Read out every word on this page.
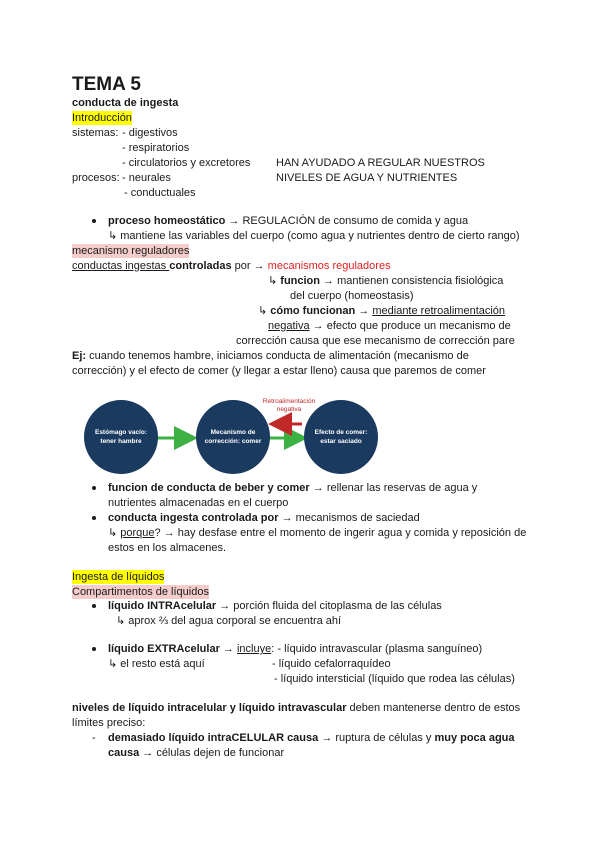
TEMA 5
conducta de ingesta
Introducción
sistemas: - digestivos
- respiratorios
- circulatorios y excretores
procesos: - neurales
- conductuales
HAN AYUDADO A REGULAR NUESTROS
NIVELES DE AGUA Y NUTRIENTES
proceso homeostático → REGULACIÓN de consumo de comida y agua
↳ mantiene las variables del cuerpo (como agua y nutrientes dentro de cierto rango)
mecanismo reguladores
conductas ingestas controladas por → mecanismos reguladores
↳ funcion → mantienen consistencia fisiológica
del cuerpo (homeostasis)
↳ cómo funcionan → mediante retroalimentación
negativa → efecto que produce un mecanismo de
corrección causa que ese mecanismo de corrección pare
Ej: cuando tenemos hambre, iniciamos conducta de alimentación (mecanismo de
corrección) y el efecto de comer (y llegar a estar lleno) causa que paremos de comer
Estómago vacío: tener hambre
Mecanismo de corrección: comer
Efecto de comer: estar saciado
Retroalimentación
negativa
funcion de conducta de beber y comer → rellenar las reservas de agua y
nutrientes almacenadas en el cuerpo
conducta ingesta controlada por → mecanismos de saciedad
↳ porque? → hay desfase entre el momento de ingerir agua y comida y reposición de
estos en los almacenes.
Ingesta de líquidos
Compartimentos de líquidos
líquido INTRAcelular → porción fluida del citoplasma de las células
↳ aprox ⅔ del agua corporal se encuentra ahí
líquido EXTRAcelular → incluye: - líquido intravascular (plasma sanguíneo)
↳ el resto está aquí	- líquido cefalorraquídeo
- líquido intersticial (líquido que rodea las células)
niveles de líquido intracelular y líquido intravascular deben mantenerse dentro de estos
límites preciso:
- demasiado líquido intraCELULAR causa → ruptura de células y muy poca agua
causa → células dejen de funcionar
